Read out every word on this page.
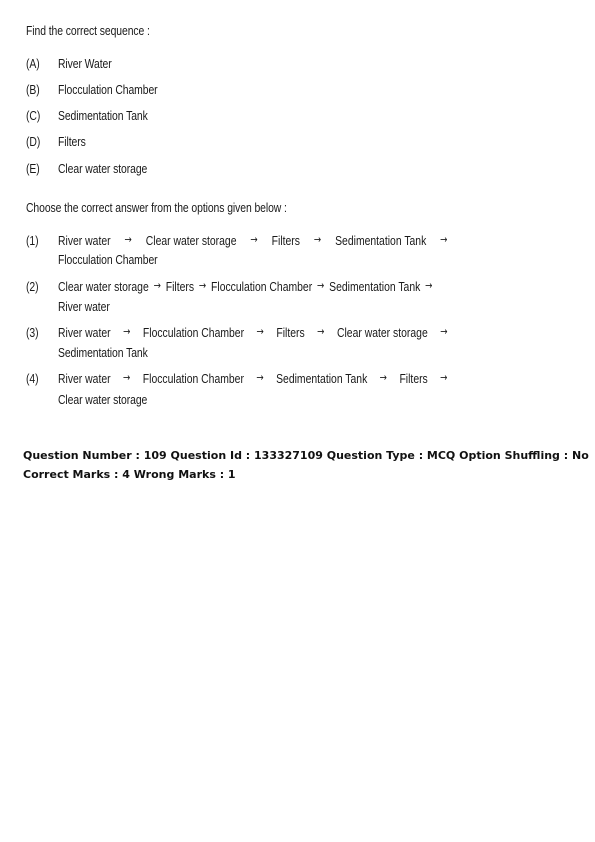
Find the correct sequence :
(A) River Water
(B) Flocculation Chamber
(C) Sedimentation Tank
(D) Filters
(E) Clear water storage
Choose the correct answer from the options given below :
(1) River water → Clear water storage → Filters → Sedimentation Tank →
Flocculation Chamber
(2) Clear water storage → Filters → Flocculation Chamber → Sedimentation Tank →
River water
(3) River water → Flocculation Chamber → Filters → Clear water storage →
Sedimentation Tank
(4) River water → Flocculation Chamber → Sedimentation Tank → Filters →
Clear water storage
Question Number : 109 Question Id : 133327109 Question Type : MCQ Option Shuffling : No
Correct Marks : 4 Wrong Marks : 1
